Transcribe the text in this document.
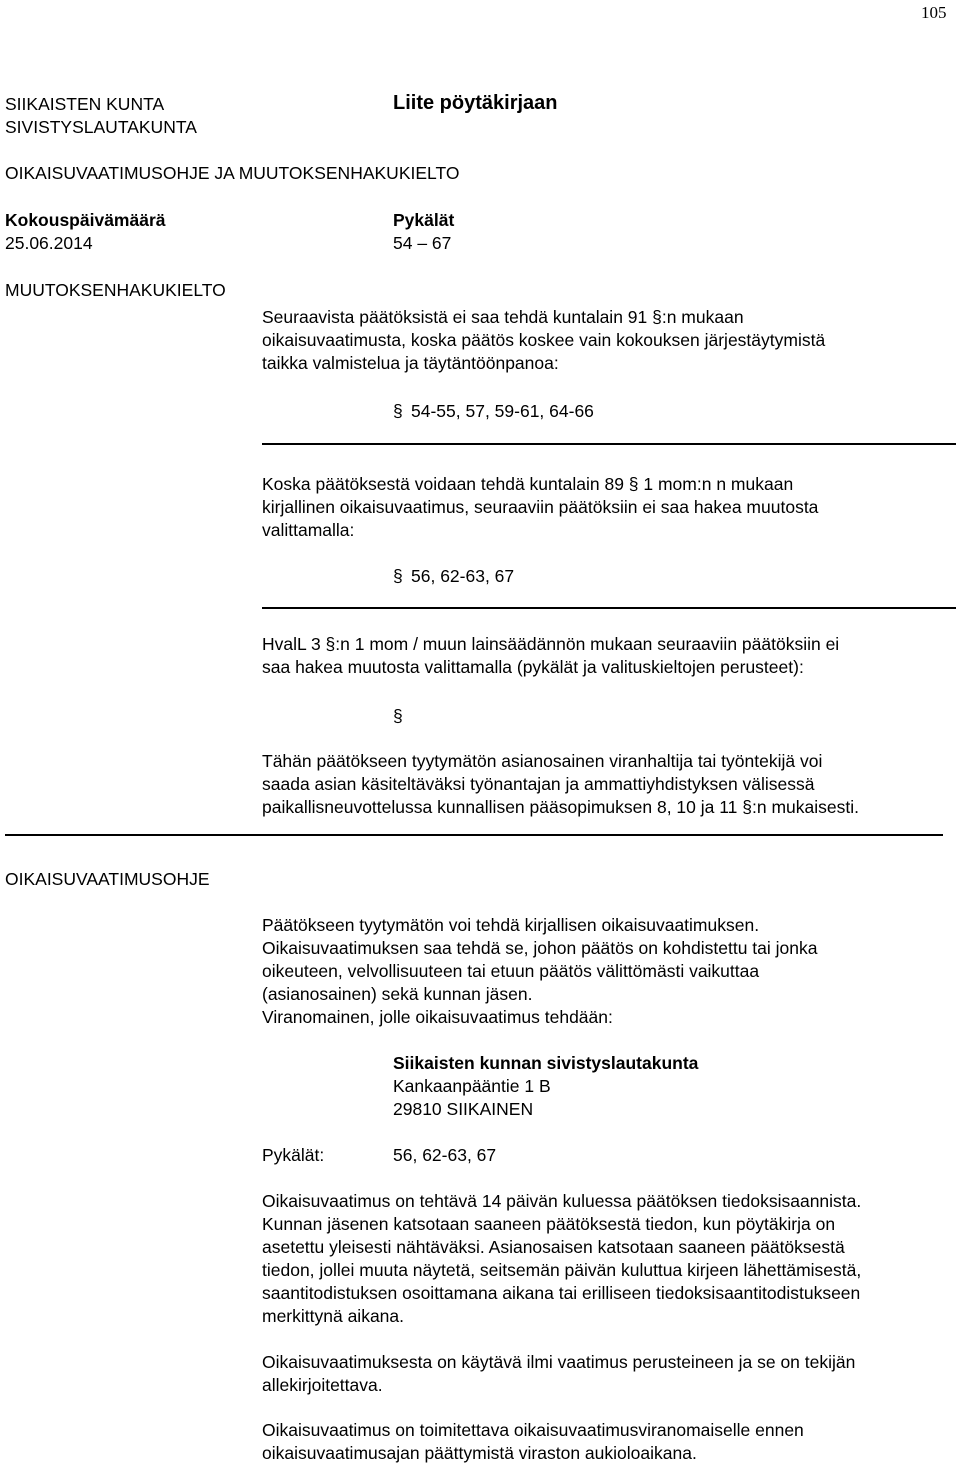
105
SIIKAISTEN KUNTA
SIVISTYSLAUTAKUNTA
Liite pöytäkirjaan
OIKAISUVAATIMUSOHJE JA MUUTOKSENHAKUKIELTO
Kokouspäivämäärä
25.06.2014
Pykälät
54 – 67
MUUTOKSENHAKUKIELTO
Seuraavista päätöksistä ei saa tehdä kuntalain 91 §:n mukaan
oikaisuvaatimusta, koska päätös koskee vain kokouksen järjestäytymistä
taikka valmistelua ja täytäntöönpanoa:
§ 54-55, 57, 59-61, 64-66
Koska päätöksestä voidaan tehdä kuntalain 89 § 1 mom:n n mukaan
kirjallinen oikaisuvaatimus, seuraaviin päätöksiin ei saa hakea muutosta
valittamalla:
§ 56, 62-63, 67
HvalL 3 §:n 1 mom / muun lainsäädännön mukaan seuraaviin päätöksiin ei
saa hakea muutosta valittamalla (pykälät ja valituskieltojen perusteet):
§
Tähän päätökseen tyytymätön asianosainen viranhaltija tai työntekijä voi
saada asian käsiteltäväksi työnantajan ja ammattiyhdistyksen välisessä
paikallisneuvottelussa kunnallisen pääsopimuksen 8, 10 ja 11 §:n mukaisesti.
OIKAISUVAATIMUSOHJE
Päätökseen tyytymätön voi tehdä kirjallisen oikaisuvaatimuksen.
Oikaisuvaatimuksen saa tehdä se, johon päätös on kohdistettu tai jonka
oikeuteen, velvollisuuteen tai etuun päätös välittömästi vaikuttaa
(asianosainen) sekä kunnan jäsen.
Viranomainen, jolle oikaisuvaatimus tehdään:
Siikaisten kunnan sivistyslautakunta
Kankaanpääntie 1 B
29810 SIIKAINEN
Pykälät:	56, 62-63, 67
Oikaisuvaatimus on tehtävä 14 päivän kuluessa päätöksen tiedoksisaannista.
Kunnan jäsenen katsotaan saaneen päätöksestä tiedon, kun pöytäkirja on
asetettu yleisesti nähtäväksi. Asianosaisen katsotaan saaneen päätöksestä
tiedon, jollei muuta näytetä, seitsemän päivän kuluttua kirjeen lähettämisestä,
saantitodistuksen osoittamana aikana tai erilliseen tiedoksisaantitodistukseen
merkittynä aikana.
Oikaisuvaatimuksesta on käytävä ilmi vaatimus perusteineen ja se on tekijän
allekirjoitettava.
Oikaisuvaatimus on toimitettava oikaisuvaatimusviranomaiselle ennen
oikaisuvaatimusajan päättymistä viraston aukioloaikana.
